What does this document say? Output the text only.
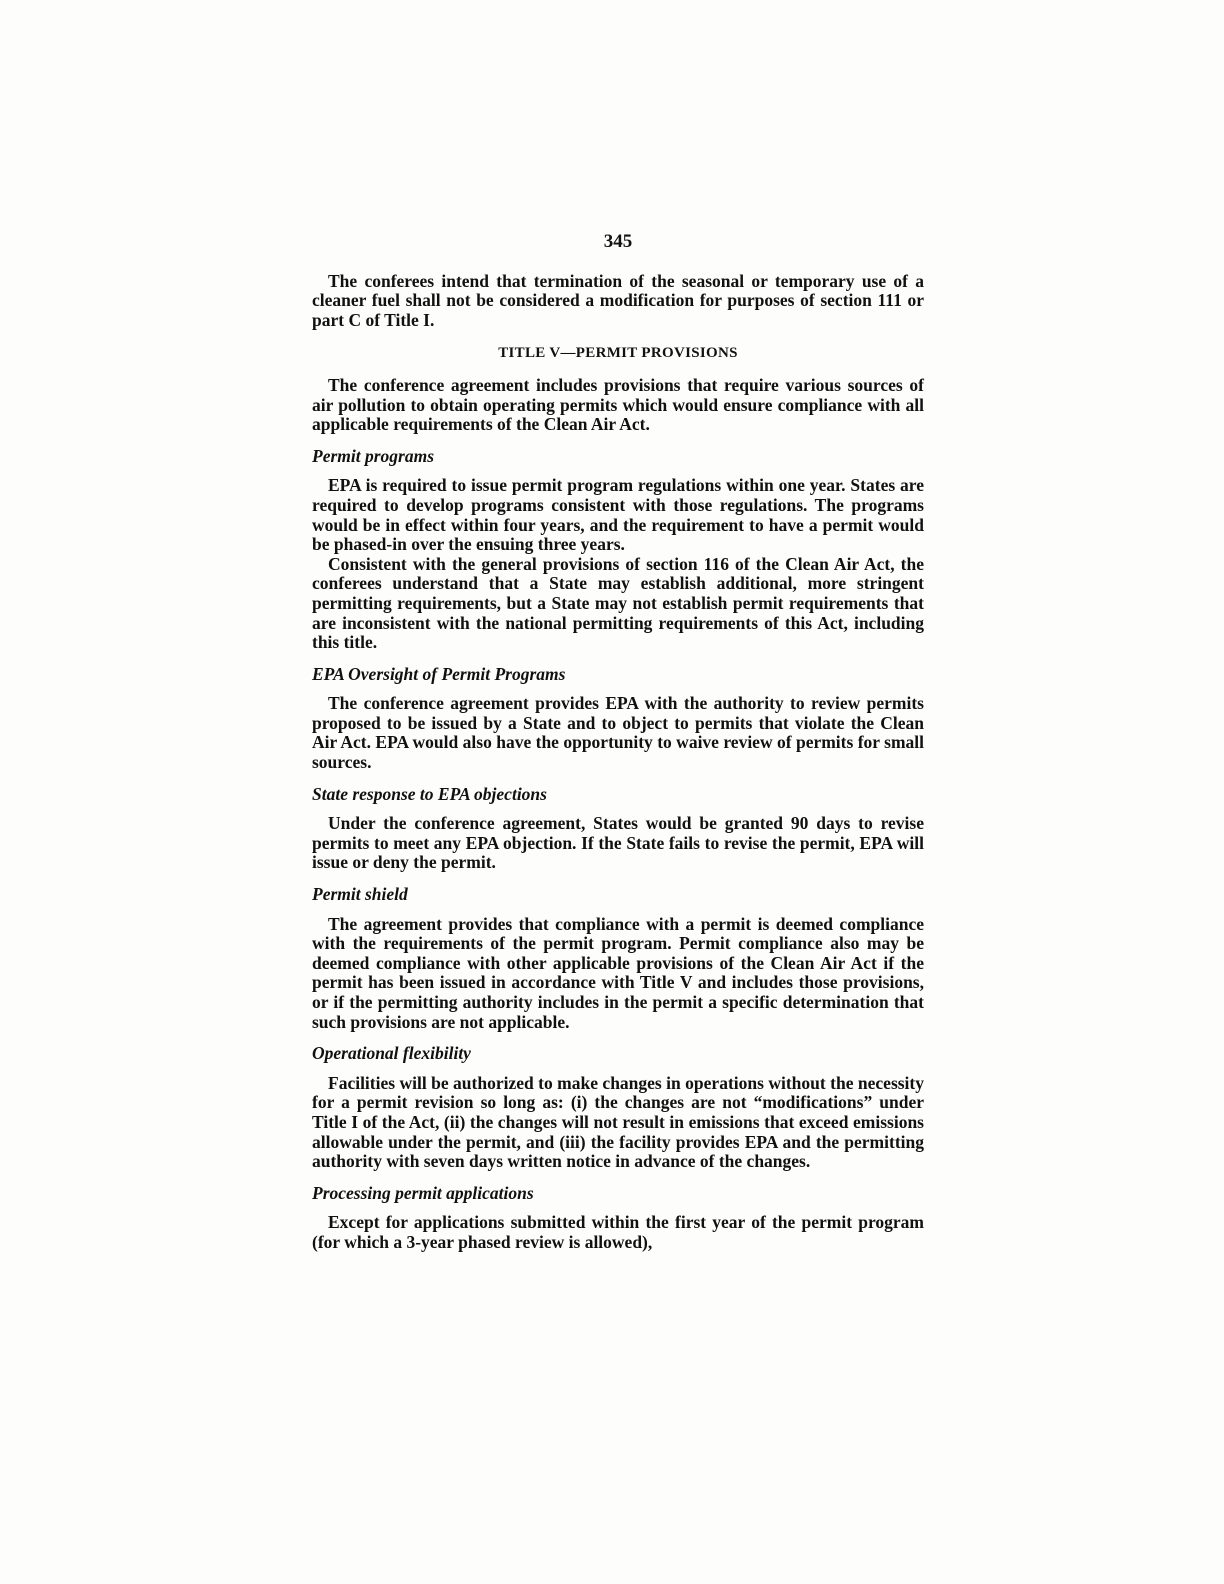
345

The conferees intend that termination of the seasonal or temporary use of a cleaner fuel shall not be considered a modification for purposes of section 111 or part C of Title I.

TITLE V—PERMIT PROVISIONS

The conference agreement includes provisions that require various sources of air pollution to obtain operating permits which would ensure compliance with all applicable requirements of the Clean Air Act.

Permit programs

EPA is required to issue permit program regulations within one year. States are required to develop programs consistent with those regulations. The programs would be in effect within four years, and the requirement to have a permit would be phased-in over the ensuing three years.

Consistent with the general provisions of section 116 of the Clean Air Act, the conferees understand that a State may establish additional, more stringent permitting requirements, but a State may not establish permit requirements that are inconsistent with the national permitting requirements of this Act, including this title.

EPA Oversight of Permit Programs

The conference agreement provides EPA with the authority to review permits proposed to be issued by a State and to object to permits that violate the Clean Air Act. EPA would also have the opportunity to waive review of permits for small sources.

State response to EPA objections

Under the conference agreement, States would be granted 90 days to revise permits to meet any EPA objection. If the State fails to revise the permit, EPA will issue or deny the permit.

Permit shield

The agreement provides that compliance with a permit is deemed compliance with the requirements of the permit program. Permit compliance also may be deemed compliance with other applicable provisions of the Clean Air Act if the permit has been issued in accordance with Title V and includes those provisions, or if the permitting authority includes in the permit a specific determination that such provisions are not applicable.

Operational flexibility

Facilities will be authorized to make changes in operations without the necessity for a permit revision so long as: (i) the changes are not “modifications” under Title I of the Act, (ii) the changes will not result in emissions that exceed emissions allowable under the permit, and (iii) the facility provides EPA and the permitting authority with seven days written notice in advance of the changes.

Processing permit applications

Except for applications submitted within the first year of the permit program (for which a 3-year phased review is allowed),
